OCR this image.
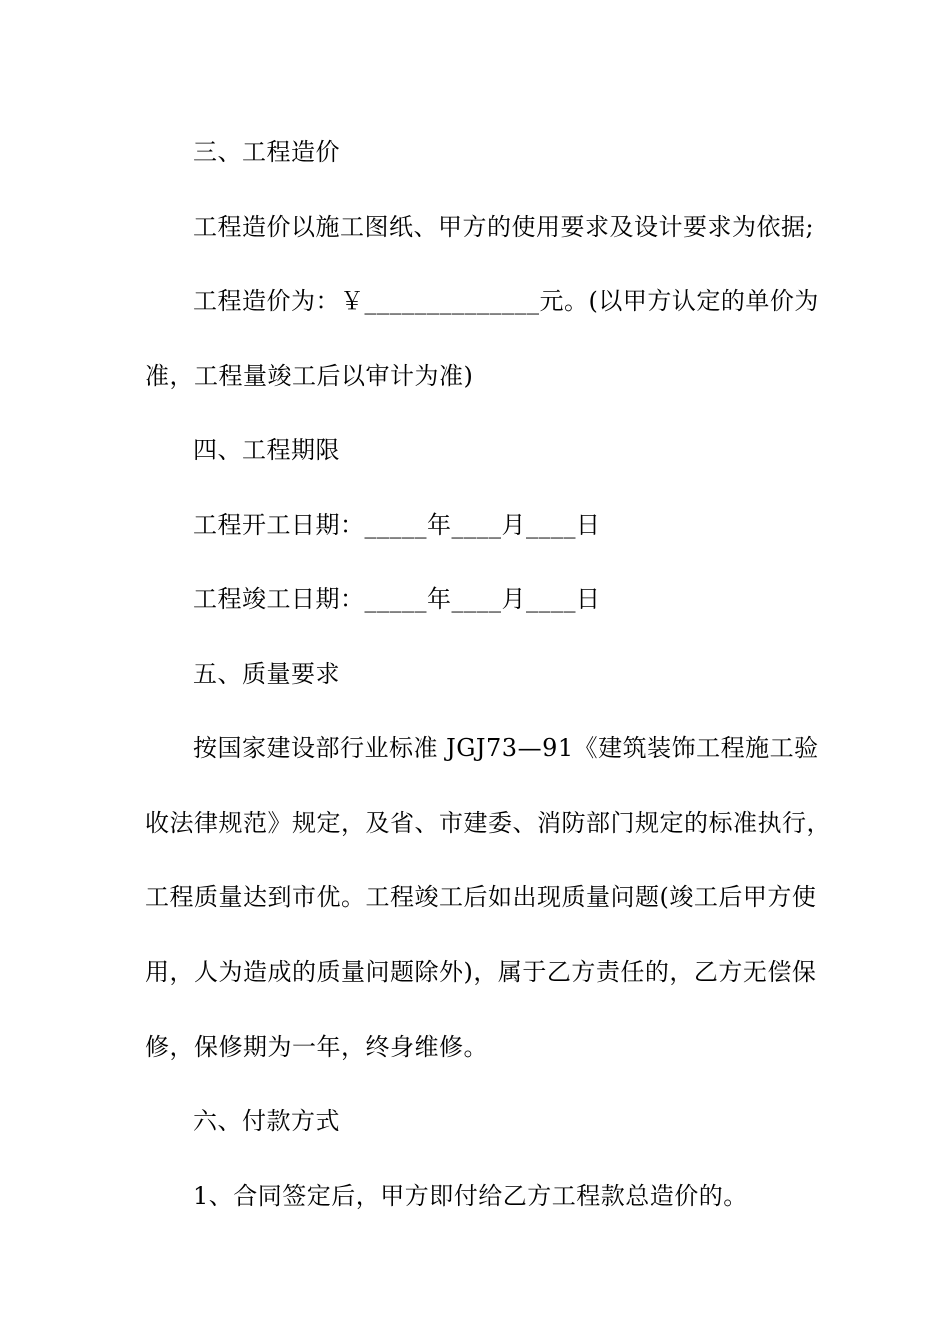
三、工程造价
工程造价以施工图纸、甲方的使用要求及设计要求为依据;
工程造价为：￥______________元。(以甲方认定的单价为
准，工程量竣工后以审计为准)
四、工程期限
工程开工日期：_____年____月____日
工程竣工日期：_____年____月____日
五、质量要求
按国家建设部行业标准 JGJ73—91《建筑装饰工程施工验
收法律规范》规定，及省、市建委、消防部门规定的标准执行，
工程质量达到市优。工程竣工后如出现质量问题(竣工后甲方使
用，人为造成的质量问题除外)，属于乙方责任的，乙方无偿保
修，保修期为一年，终身维修。
六、付款方式
1、合同签定后，甲方即付给乙方工程款总造价的。
